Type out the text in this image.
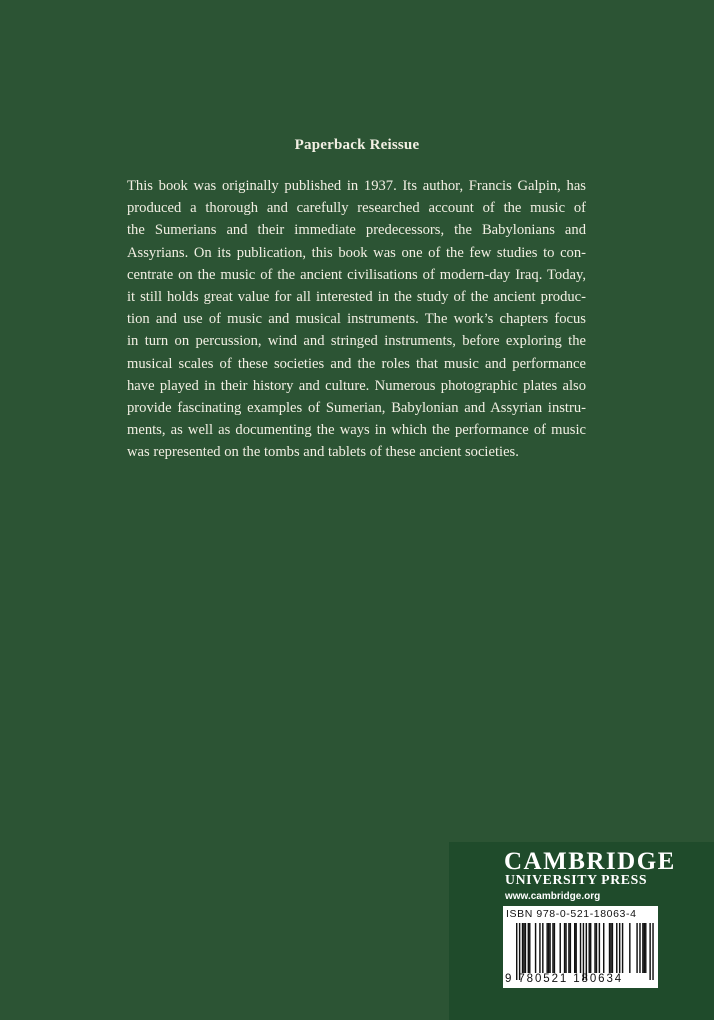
Paperback Reissue
This book was originally published in 1937. Its author, Francis Galpin, has
produced a thorough and carefully researched account of the music of
the Sumerians and their immediate predecessors, the Babylonians and
Assyrians. On its publication, this book was one of the few studies to con-
centrate on the music of the ancient civilisations of modern-day Iraq. Today,
it still holds great value for all interested in the study of the ancient produc-
tion and use of music and musical instruments. The work’s chapters focus
in turn on percussion, wind and stringed instruments, before exploring the
musical scales of these societies and the roles that music and performance
have played in their history and culture. Numerous photographic plates also
provide fascinating examples of Sumerian, Babylonian and Assyrian instru-
ments, as well as documenting the ways in which the performance of music
was represented on the tombs and tablets of these ancient societies.
CAMBRIDGE
UNIVERSITY PRESS
www.cambridge.org
ISBN 978-0-521-18063-4
9 780521 180634
